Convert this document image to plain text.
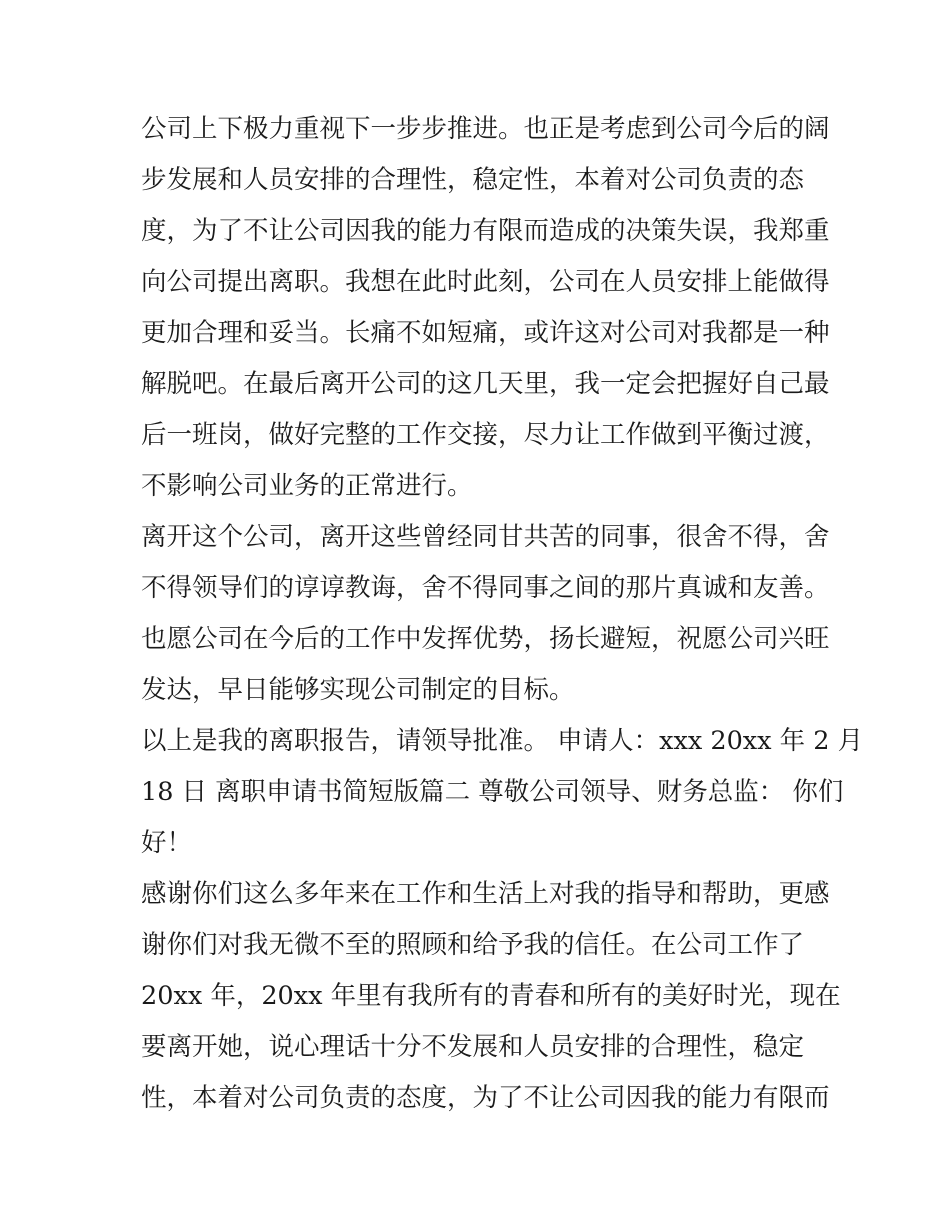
公司上下极力重视下一步步推进。也正是考虑到公司今后的阔
步发展和人员安排的合理性，稳定性，本着对公司负责的态
度，为了不让公司因我的能力有限而造成的决策失误，我郑重
向公司提出离职。我想在此时此刻，公司在人员安排上能做得
更加合理和妥当。长痛不如短痛，或许这对公司对我都是一种
解脱吧。在最后离开公司的这几天里，我一定会把握好自己最
后一班岗，做好完整的工作交接，尽力让工作做到平衡过渡，
不影响公司业务的正常进行。
离开这个公司，离开这些曾经同甘共苦的同事，很舍不得，舍
不得领导们的谆谆教诲，舍不得同事之间的那片真诚和友善。
也愿公司在今后的工作中发挥优势，扬长避短，祝愿公司兴旺
发达，早日能够实现公司制定的目标。
以上是我的离职报告，请领导批准。 申请人：xxx 20xx 年 2 月
18 日 离职申请书简短版篇二 尊敬公司领导、财务总监： 你们
好！
感谢你们这么多年来在工作和生活上对我的指导和帮助，更感
谢你们对我无微不至的照顾和给予我的信任。在公司工作了
20xx 年，20xx 年里有我所有的青春和所有的美好时光，现在
要离开她，说心理话十分不发展和人员安排的合理性，稳定
性，本着对公司负责的态度，为了不让公司因我的能力有限而
